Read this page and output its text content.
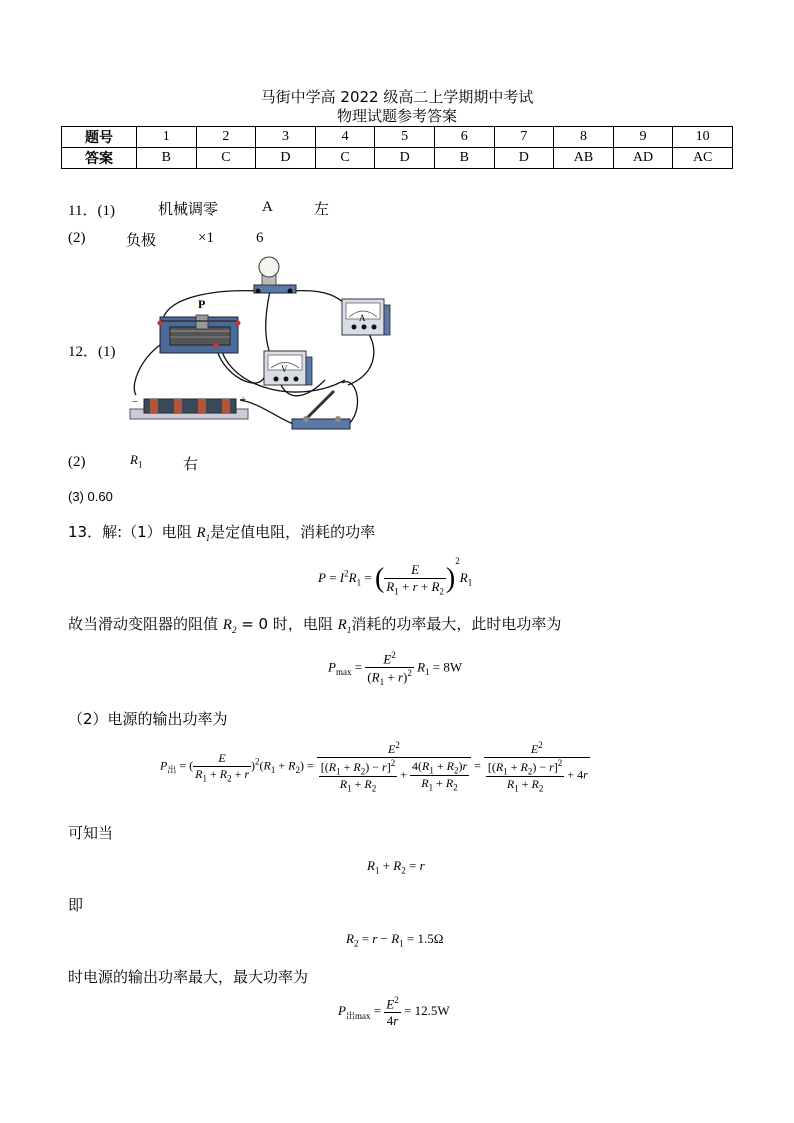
马街中学高 2022 级高二上学期期中考试
物理试题参考答案
题号	1	2	3	4	5	6	7	8	9	10
答案	B	C	D	C	D	B	D	AB	AD	AC
11．(1)	机械调零	A	左
(2)	负极	×1	6
12．(1)
P
A
V
−	+
(2)	$R_1$	右
(3) 0.60
13．解:（1）电阻 $R_1$是定值电阻，消耗的功率
$P = I^2R_1$ = ( $\frac{E}{R_1 + r + R_2} )^2R_1$
故当滑动变阻器的阻值 $R_2 = 0$ 时，电阻 $R_1$消耗的功率最大，此时电功率为
$P_{max} = \frac{E^2}{(R_1 + r)^2} R_1 = 8W$
（2）电源的输出功率为
$P_出$ = ( $\frac{E}{R_1 + R_2 + r} )^2(R_1 + R_2) = \frac{E^2}{\frac{[(R_1 + R_2) - r]^2}{R_1 + R_2} + \frac{4(R_1 + R_2)r}{R_1 + R_2}} = \frac{E^2}{\frac{[(R_1 + R_2) - r]^2}{R_1 + R_2} + 4r}$
可知当
$R_1 + R_2 = r$
即
$R_2 = r - R_1 = 1.5\Omega$
时电源的输出功率最大，最大功率为
$P_{出max} = \frac{E^2}{4r} = 12.5W$
